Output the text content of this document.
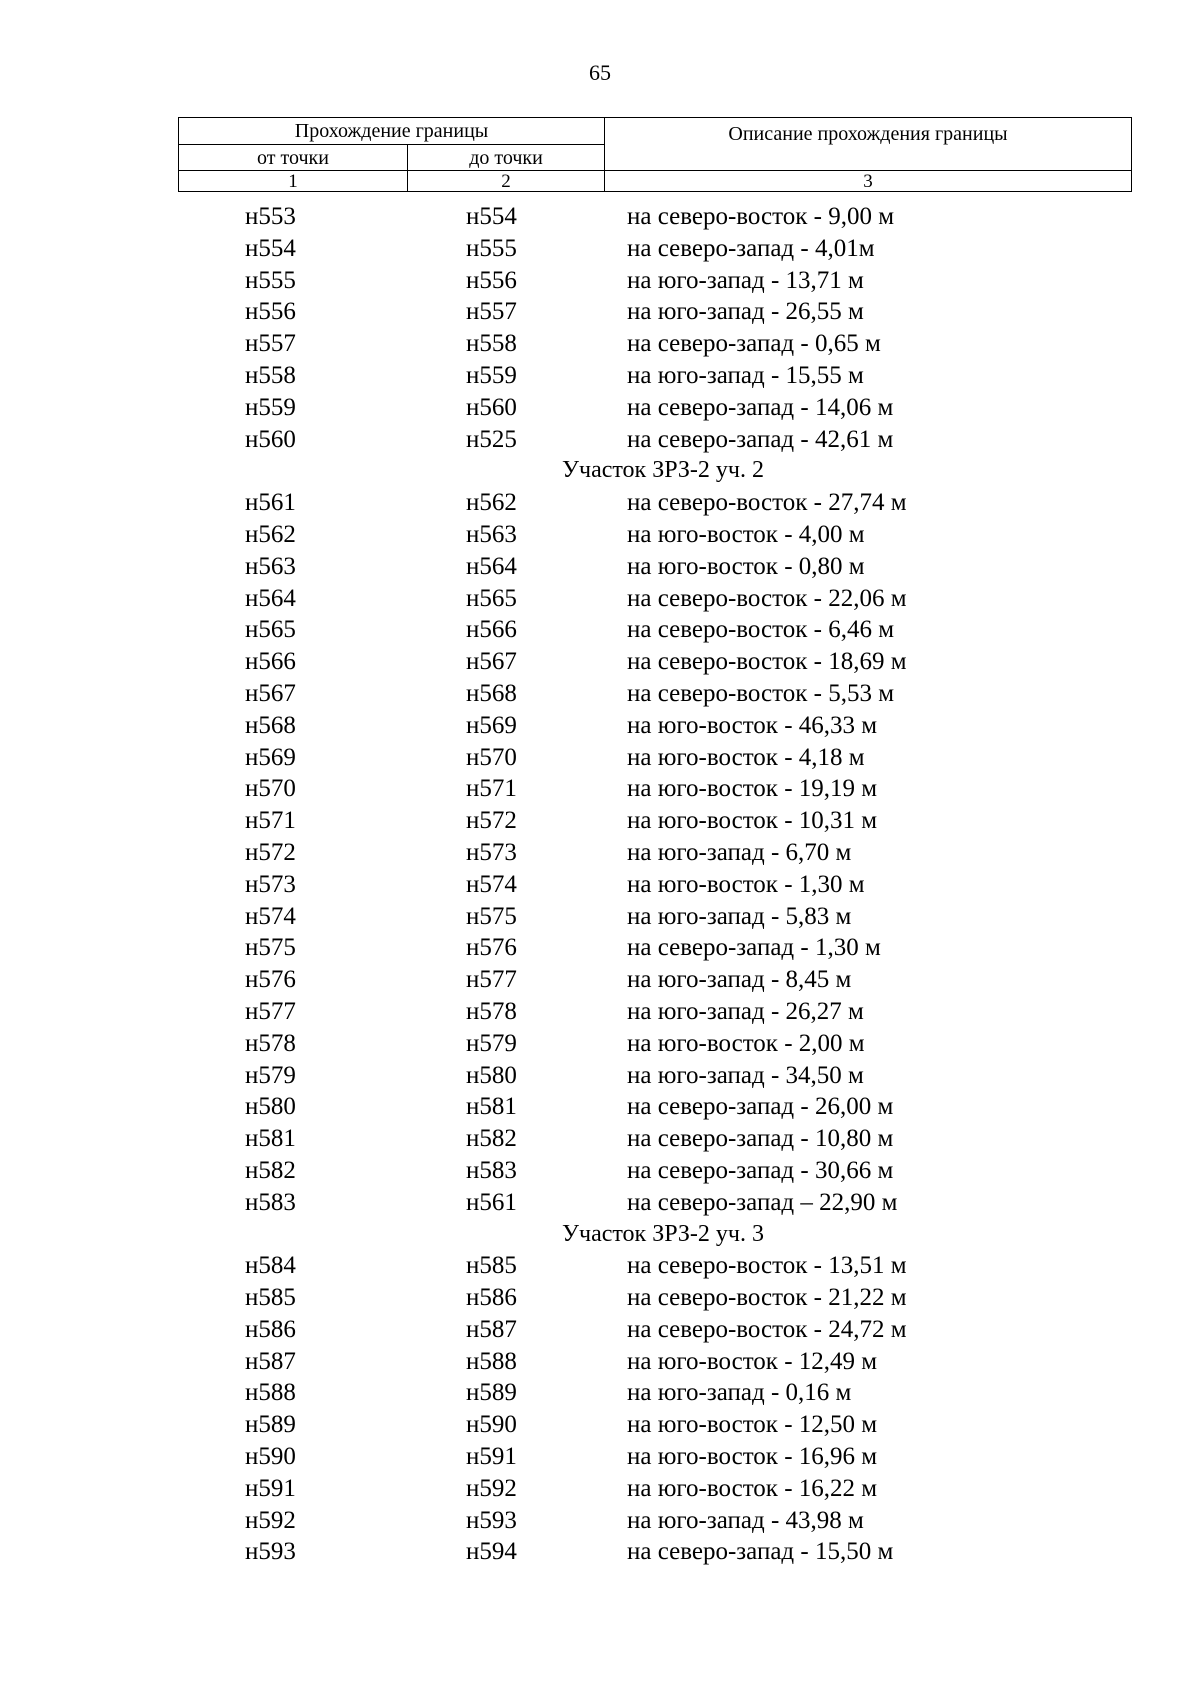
65
Прохождение границы		Описание прохождения границы
от точки	до точки	
1	2	3
н553	н554	на северо-восток - 9,00 м
н554	н555	на северо-запад - 4,01м
н555	н556	на юго-запад - 13,71 м
н556	н557	на юго-запад - 26,55 м
н557	н558	на северо-запад - 0,65 м
н558	н559	на юго-запад - 15,55 м
н559	н560	на северо-запад - 14,06 м
н560	н525	на северо-запад - 42,61 м
Участок ЗРЗ-2 уч. 2
н561	н562	на северо-восток - 27,74 м
н562	н563	на юго-восток - 4,00 м
н563	н564	на юго-восток - 0,80 м
н564	н565	на северо-восток - 22,06 м
н565	н566	на северо-восток - 6,46 м
н566	н567	на северо-восток - 18,69 м
н567	н568	на северо-восток - 5,53 м
н568	н569	на юго-восток - 46,33 м
н569	н570	на юго-восток - 4,18 м
н570	н571	на юго-восток - 19,19 м
н571	н572	на юго-восток - 10,31 м
н572	н573	на юго-запад - 6,70 м
н573	н574	на юго-восток - 1,30 м
н574	н575	на юго-запад - 5,83 м
н575	н576	на северо-запад - 1,30 м
н576	н577	на юго-запад - 8,45 м
н577	н578	на юго-запад - 26,27 м
н578	н579	на юго-восток - 2,00 м
н579	н580	на юго-запад - 34,50 м
н580	н581	на северо-запад - 26,00 м
н581	н582	на северо-запад - 10,80 м
н582	н583	на северо-запад - 30,66 м
н583	н561	на северо-запад – 22,90 м
Участок ЗРЗ-2 уч. 3
н584	н585	на северо-восток - 13,51 м
н585	н586	на северо-восток - 21,22 м
н586	н587	на северо-восток - 24,72 м
н587	н588	на юго-восток - 12,49 м
н588	н589	на юго-запад - 0,16 м
н589	н590	на юго-восток - 12,50 м
н590	н591	на юго-восток - 16,96 м
н591	н592	на юго-восток - 16,22 м
н592	н593	на юго-запад - 43,98 м
н593	н594	на северо-запад - 15,50 м
